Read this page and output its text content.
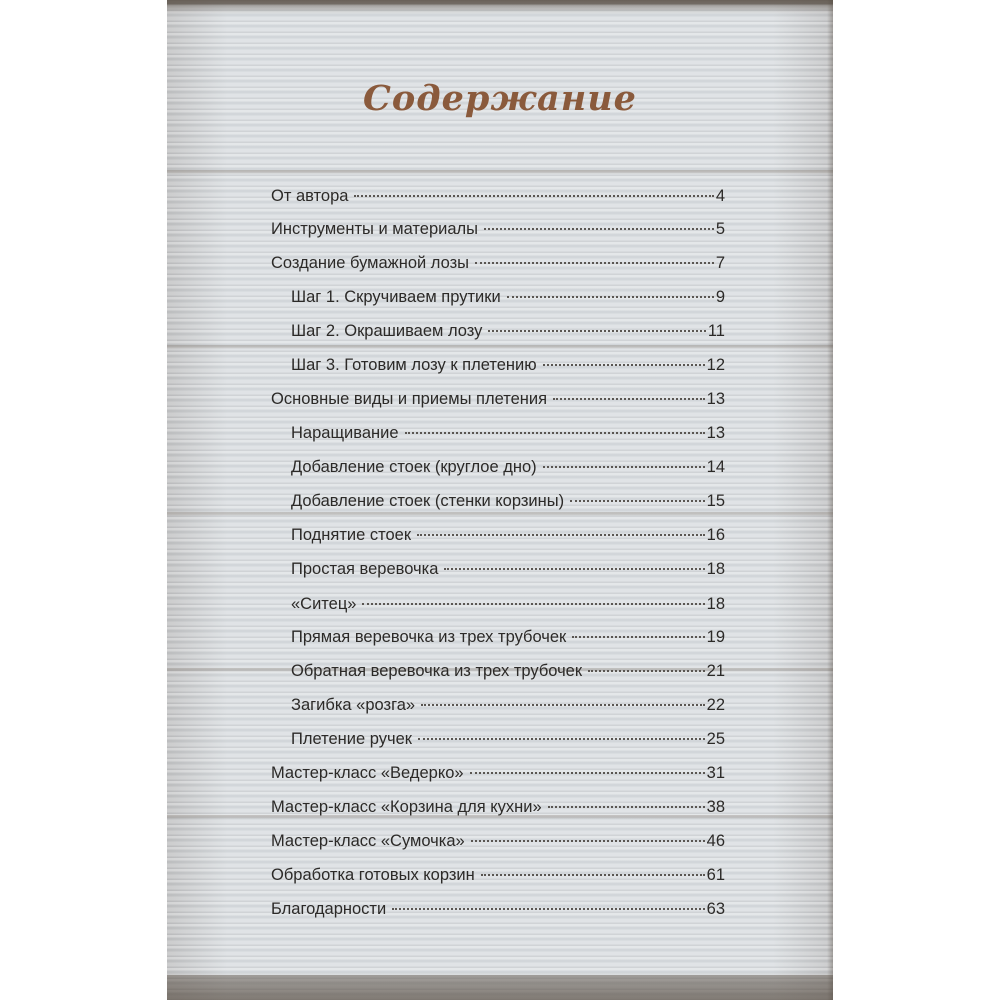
Содержание
От автора	4
Инструменты и материалы	5
Создание бумажной лозы	7
Шаг 1. Скручиваем прутики	9
Шаг 2. Окрашиваем лозу	11
Шаг 3. Готовим лозу к плетению	12
Основные виды и приемы плетения	13
Наращивание	13
Добавление стоек (круглое дно)	14
Добавление стоек (стенки корзины)	15
Поднятие стоек	16
Простая веревочка	18
«Ситец»	18
Прямая веревочка из трех трубочек	19
Обратная веревочка из трех трубочек	21
Загибка «розга»	22
Плетение ручек	25
Мастер-класс «Ведерко»	31
Мастер-класс «Корзина для кухни»	38
Мастер-класс «Сумочка»	46
Обработка готовых корзин	61
Благодарности	63
